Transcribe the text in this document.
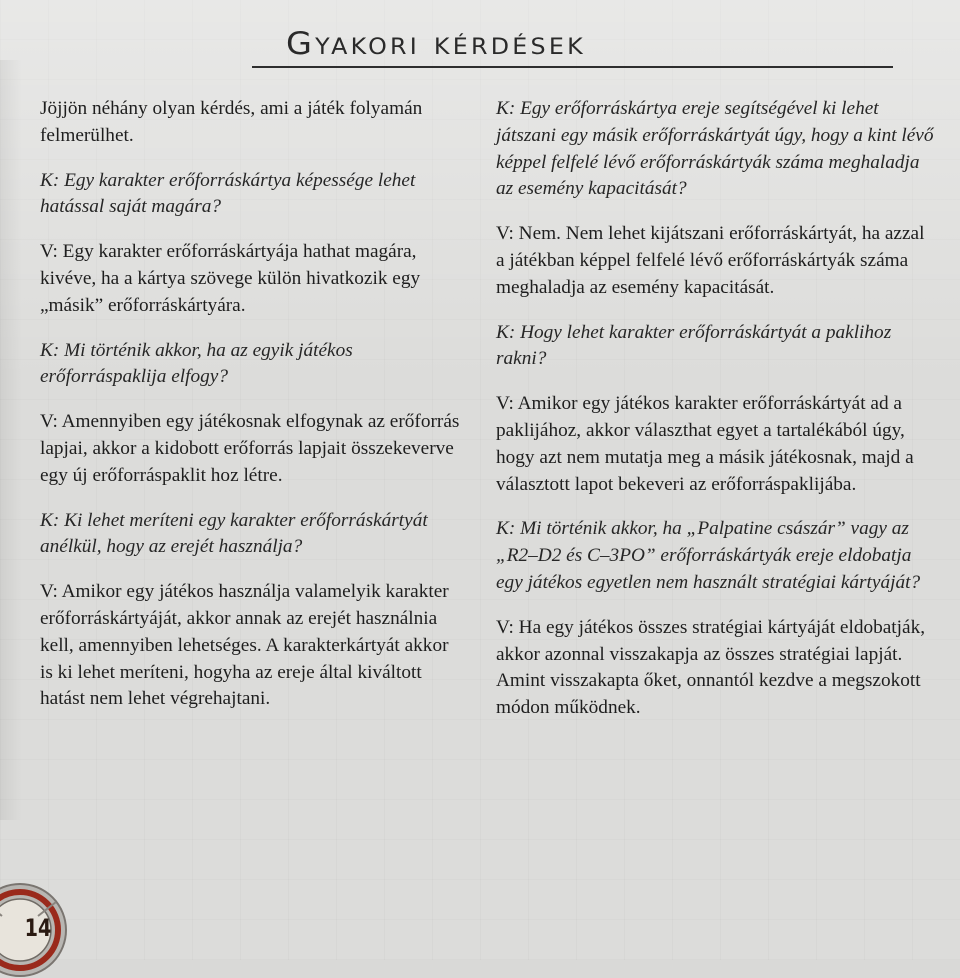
Gyakori kérdések

Jöjjön néhány olyan kérdés, ami a játék folyamán felmerülhet.

K: Egy karakter erőforráskártya képessége lehet hatással saját magára?

V: Egy karakter erőforráskártyája hathat magára, kivéve, ha a kártya szövege külön hivatkozik egy „másik” erőforráskártyára.

K: Mi történik akkor, ha az egyik játékos erőforráspaklija elfogy?

V: Amennyiben egy játékosnak elfogynak az erőforrás lapjai, akkor a kidobott erőforrás lapjait összekeverve egy új erőforráspaklit hoz létre.

K: Ki lehet meríteni egy karakter erőforráskártyát anélkül, hogy az erejét használja?

V: Amikor egy játékos használja valamelyik karakter erőforráskártyáját, akkor annak az erejét használnia kell, amennyiben lehetséges. A karakterkártyát akkor is ki lehet meríteni, hogyha az ereje által kiváltott hatást nem lehet végrehajtani.

K: Egy erőforráskártya ereje segítségével ki lehet játszani egy másik erőforráskártyát úgy, hogy a kint lévő képpel felfelé lévő erőforráskártyák száma meghaladja az esemény kapacitását?

V: Nem. Nem lehet kijátszani erőforráskártyát, ha azzal a játékban képpel felfelé lévő erőforráskártyák száma meghaladja az esemény kapacitását.

K: Hogy lehet karakter erőforráskártyát a paklihoz rakni?

V: Amikor egy játékos karakter erőforráskártyát ad a paklijához, akkor választhat egyet a tartalékából úgy, hogy azt nem mutatja meg a másik játékosnak, majd a választott lapot bekeveri az erőforráspaklijába.

K: Mi történik akkor, ha „Palpatine császár” vagy az „R2–D2 és C–3PO” erőforráskártyák ereje eldobatja egy játékos egyetlen nem használt stratégiai kártyáját?

V: Ha egy játékos összes stratégiai kártyáját eldobatják, akkor azonnal visszakapja az összes stratégiai lapját. Amint visszakapta őket, onnantól kezdve a megszokott módon működnek.

14
